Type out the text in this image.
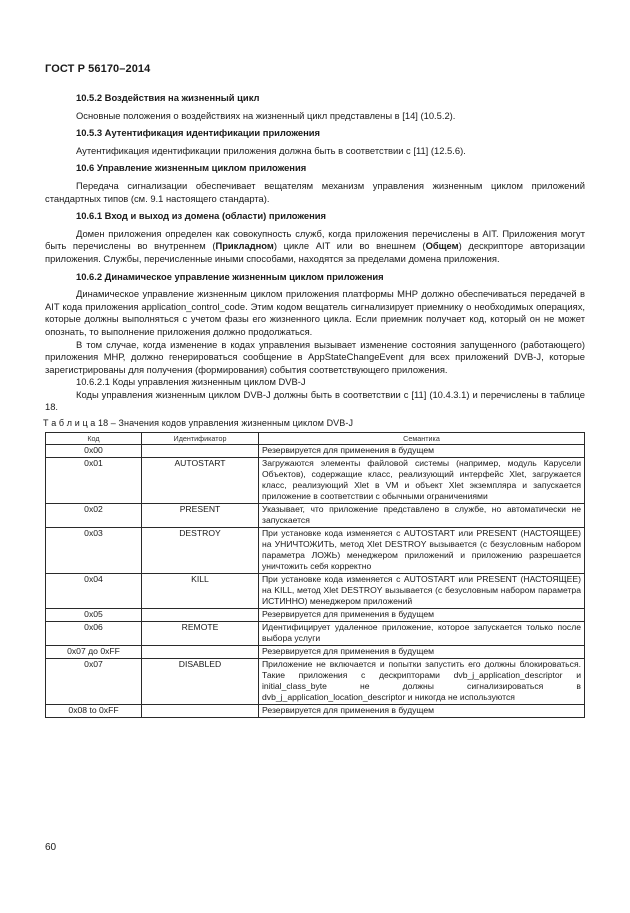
ГОСТ Р 56170–2014
10.5.2 Воздействия на жизненный цикл
Основные положения о воздействиях на жизненный цикл представлены в [14] (10.5.2).
10.5.3 Аутентификация идентификации приложения
Аутентификация идентификации приложения должна быть в соответствии с [11] (12.5.6).
10.6 Управление жизненным циклом приложения
Передача сигнализации обеспечивает вещателям механизм управления жизненным циклом приложений стандартных типов (см. 9.1 настоящего стандарта).
10.6.1 Вход и выход из домена (области) приложения
Домен приложения определен как совокупность служб, когда приложения перечислены в AIT. Приложения могут быть перечислены во внутреннем (Прикладном) цикле AIT или во внешнем (Общем) дескрипторе авторизации приложения. Службы, перечисленные иными способами, находятся за пределами домена приложения.
10.6.2 Динамическое управление жизненным циклом приложения
Динамическое управление жизненным циклом приложения платформы МНР должно обеспечиваться передачей в AIT кода приложения application_control_code. Этим кодом вещатель сигнализирует приемнику о необходимых операциях, которые должны выполняться с учетом фазы его жизненного цикла. Если приемник получает код, который он не может опознать, то выполнение приложения должно продолжаться.
В том случае, когда изменение в кодах управления вызывает изменение состояния запущенного (работающего) приложения МНР, должно генерироваться сообщение в AppStateChangeEvent для всех приложений DVB-J, которые зарегистрированы для получения (формирования) события соответствующего приложения.
10.6.2.1 Коды управления жизненным циклом DVB-J
Коды управления жизненным циклом DVB-J должны быть в соответствии с [11] (10.4.3.1) и перечислены в таблице 18.
Т а б л и ц а 18 – Значения кодов управления жизненным циклом DVB-J
Код	Идентификатор	Семантика
0x00		Резервируется для применения в будущем
0x01	AUTOSTART	Загружаются элементы файловой системы (например, модуль Карусели Объектов), содержащие класс, реализующий интерфейс Xlet, загружается класс, реализующий Xlet в VM и объект Xlet экземпляра и запускается приложение в соответствии с обычными ограничениями
0x02	PRESENT	Указывает, что приложение представлено в службе, но автоматически не запускается
0x03	DESTROY	При установке кода изменяется с AUTOSTART или PRESENT (НАСТОЯЩЕЕ) на УНИЧТОЖИТЬ, метод Xlet DESTROY вызывается (с безусловным набором параметра ЛОЖЬ) менеджером приложений и приложению разрешается уничтожить себя корректно
0x04	KILL	При установке кода изменяется с AUTOSTART или PRESENT (НАСТОЯЩЕЕ) на KILL, метод Xlet DESTROY вызывается (с безусловным набором параметра ИСТИННО) менеджером приложений
0x05		Резервируется для применения в будущем
0x06	REMOTE	Идентифицирует удаленное приложение, которое запускается только после выбора услуги
0x07 до 0xFF		Резервируется для применения в будущем
0x07	DISABLED	Приложение не включается и попытки запустить его должны блокироваться. Такие приложения с дескрипторами dvb_j_application_descriptor и initial_class_byte не должны сигнализироваться в dvb_j_application_location_descriptor и никогда не используются
0x08 to 0xFF		Резервируется для применения в будущем
60
